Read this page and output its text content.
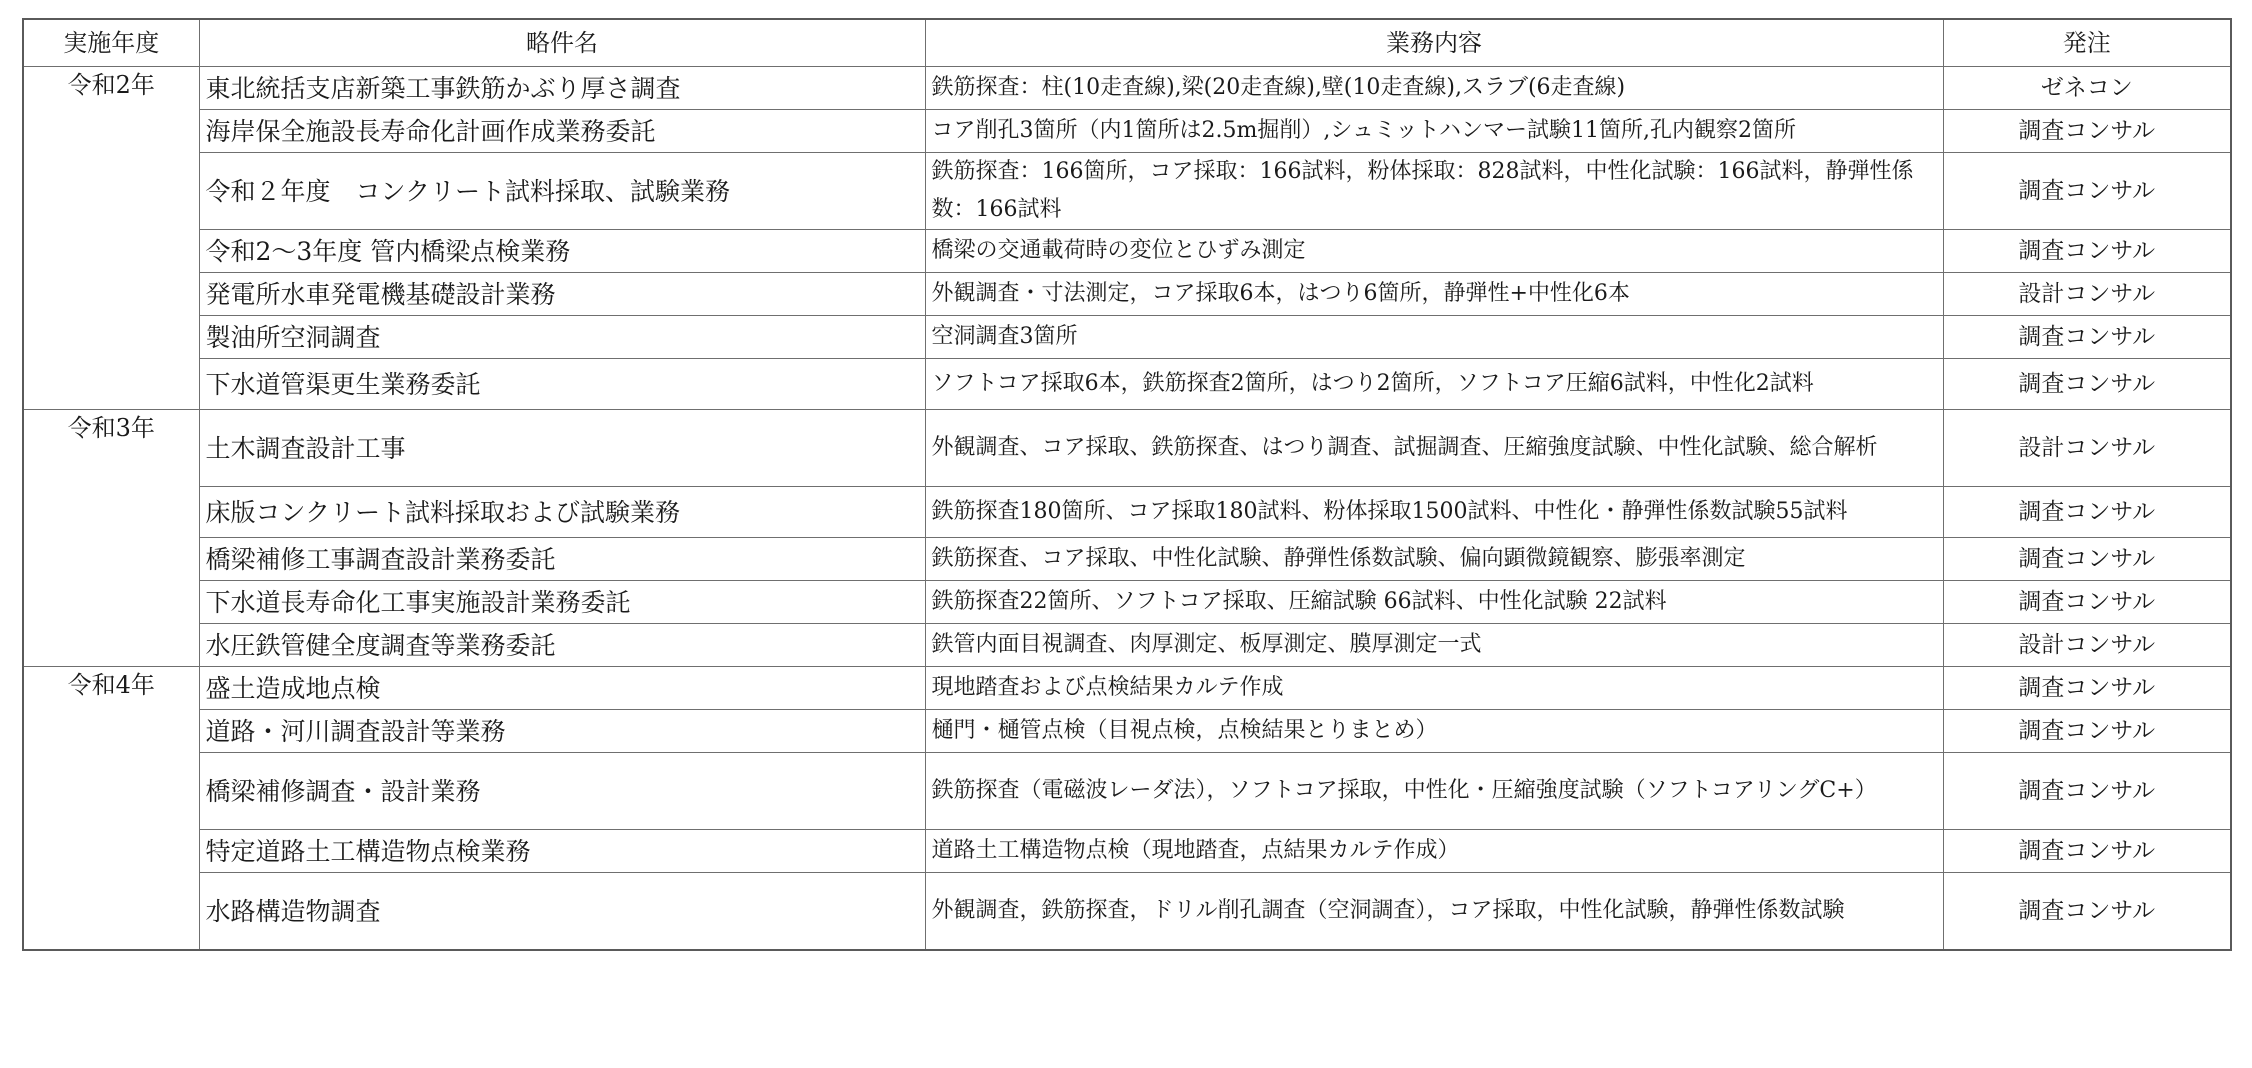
実施年度	略件名	業務内容	発注
令和2年	東北統括支店新築工事鉄筋かぶり厚さ調査	鉄筋探査：柱(10走査線),梁(20走査線),壁(10走査線),スラブ(6走査線)	ゼネコン
	海岸保全施設長寿命化計画作成業務委託	コア削孔3箇所（内1箇所は2.5m掘削）,シュミットハンマー試験11箇所,孔内観察2箇所	調査コンサル
	令和２年度　コンクリート試料採取、試験業務	鉄筋探査：166箇所，コア採取：166試料，粉体採取：828試料，中性化試験：166試料，静弾性係数：166試料	調査コンサル
	令和2～3年度 管内橋梁点検業務	橋梁の交通載荷時の変位とひずみ測定	調査コンサル
	発電所水車発電機基礎設計業務	外観調査・寸法測定，コア採取6本，はつり6箇所，静弾性+中性化6本	設計コンサル
	製油所空洞調査	空洞調査3箇所	調査コンサル
	下水道管渠更生業務委託	ソフトコア採取6本，鉄筋探査2箇所，はつり2箇所，ソフトコア圧縮6試料，中性化2試料	調査コンサル
令和3年	土木調査設計工事	外観調査、コア採取、鉄筋探査、はつり調査、試掘調査、圧縮強度試験、中性化試験、総合解析	設計コンサル
	床版コンクリート試料採取および試験業務	鉄筋探査180箇所、コア採取180試料、粉体採取1500試料、中性化・静弾性係数試験55試料	調査コンサル
	橋梁補修工事調査設計業務委託	鉄筋探査、コア採取、中性化試験、静弾性係数試験、偏向顕微鏡観察、膨張率測定	調査コンサル
	下水道長寿命化工事実施設計業務委託	鉄筋探査22箇所、ソフトコア採取、圧縮試験 66試料、中性化試験 22試料	調査コンサル
	水圧鉄管健全度調査等業務委託	鉄管内面目視調査、肉厚測定、板厚測定、膜厚測定一式	設計コンサル
令和4年	盛土造成地点検	現地踏査および点検結果カルテ作成	調査コンサル
	道路・河川調査設計等業務	樋門・樋管点検（目視点検，点検結果とりまとめ）	調査コンサル
	橋梁補修調査・設計業務	鉄筋探査（電磁波レーダ法），ソフトコア採取，中性化・圧縮強度試験（ソフトコアリングC+）	調査コンサル
	特定道路土工構造物点検業務	道路土工構造物点検（現地踏査，点結果カルテ作成）	調査コンサル
	水路構造物調査	外観調査，鉄筋探査，ドリル削孔調査（空洞調査），コア採取，中性化試験，静弾性係数試験	調査コンサル
